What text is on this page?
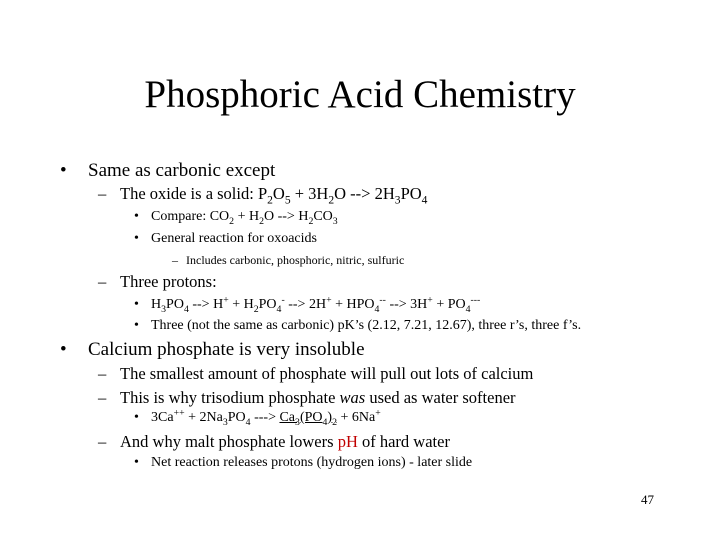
Phosphoric Acid Chemistry
• Same as carbonic except
– The oxide is a solid: $P_2O_5 + 3H_2O$ --> $2H_3PO_4$
• Compare: $CO_2 + H_2O$ --> $H_2CO_3$
• General reaction for oxoacids
– Includes carbonic, phosphoric, nitric, sulfuric
– Three protons:
• $H_3PO_4$ --> $H^+ + H_2PO_4^-$ --> $2H^+ + HPO_4^{--}$ --> $3H^+ + PO_4^{---}$
• Three (not the same as carbonic) pK’s (2.12, 7.21, 12.67), three r’s, three f’s.
• Calcium phosphate is very insoluble
– The smallest amount of phosphate will pull out lots of calcium
– This is why trisodium phosphate was used as water softener
• $3Ca^{++} + 2Na_3PO_4$ ---> $Ca_3(PO_4)_2 + 6Na^+$
– And why malt phosphate lowers pH of hard water
• Net reaction releases protons (hydrogen ions) - later slide
47
